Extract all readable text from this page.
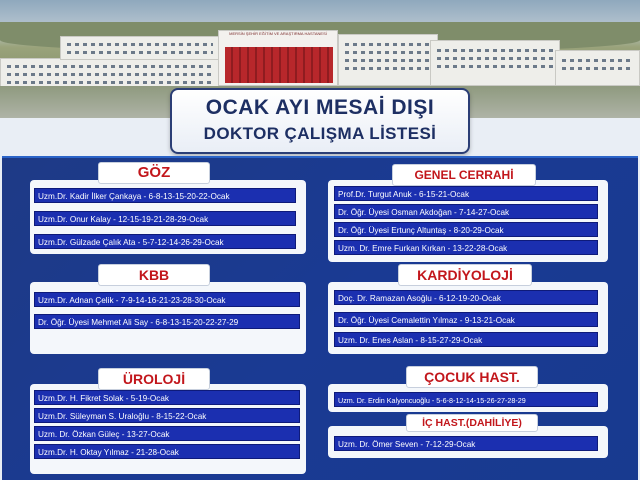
MERSİN ŞEHİR EĞİTİM VE ARAŞTIRMA HASTANESİ
OCAK AYI MESAİ DIŞI
DOKTOR ÇALIŞMA LİSTESİ
Uzm.Dr. Kadir İlker Çankaya - 6-8-13-15-20-22-Ocak
Uzm.Dr. Onur Kalay - 12-15-19-21-28-29-Ocak
Uzm.Dr. Gülzade Çalık Ata - 5-7-12-14-26-29-Ocak
GÖZ
Prof.Dr. Turgut Anuk - 6-15-21-Ocak
Dr. Öğr. Üyesi Osman Akdoğan - 7-14-27-Ocak
Dr. Öğr. Üyesi Ertunç Altuntaş - 8-20-29-Ocak
Uzm. Dr. Emre Furkan Kırkan - 13-22-28-Ocak
GENEL CERRAHİ
Uzm.Dr. Adnan Çelik - 7-9-14-16-21-23-28-30-Ocak
Dr. Öğr. Üyesi Mehmet Ali Say - 6-8-13-15-20-22-27-29
KBB
Doç. Dr. Ramazan Asoğlu - 6-12-19-20-Ocak
Dr. Öğr. Üyesi Cemalettin Yılmaz - 9-13-21-Ocak
Uzm. Dr. Enes Aslan - 8-15-27-29-Ocak
KARDİYOLOJİ
Uzm.Dr. H. Fikret Solak - 5-19-Ocak
Uzm.Dr. Süleyman S. Uraloğlu - 8-15-22-Ocak
Uzm. Dr. Özkan Güleç - 13-27-Ocak
Uzm.Dr. H. Oktay Yılmaz - 21-28-Ocak
ÜROLOJİ
Uzm. Dr. Erdin Kalyoncuoğlu - 5-6-8-12-14-15-26-27-28-29
ÇOCUK HAST.
Uzm. Dr. Ömer Seven - 7-12-29-Ocak
İÇ HAST.(DAHİLİYE)
